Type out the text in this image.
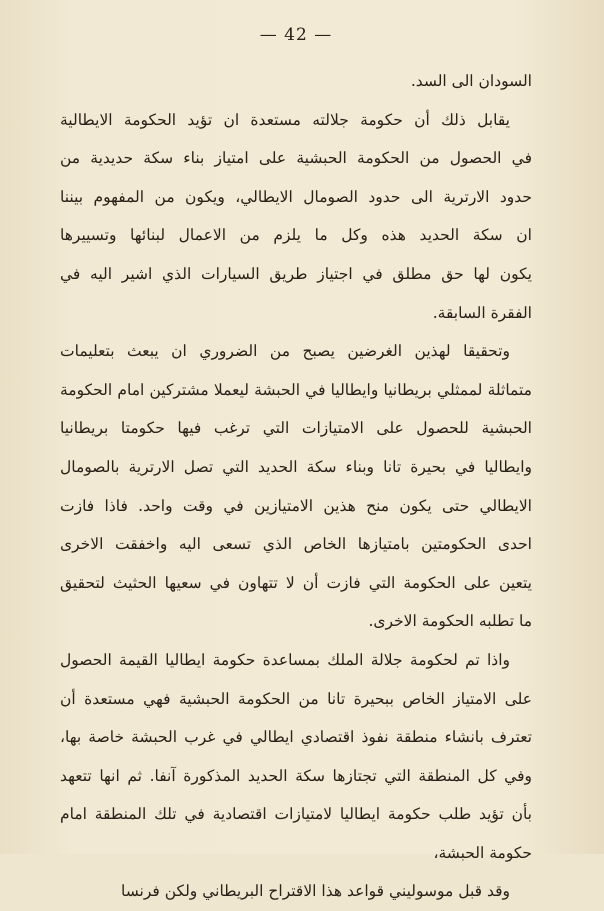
— 42 —
السودان الى السد.
يقابل ذلك أن حكومة جلالته مستعدة ان تؤيد الحكومة الايطالية
في الحصول من الحكومة الحبشية على امتياز بناء سكة حديدية من
حدود الارترية الى حدود الصومال الايطالي، ويكون من المفهوم بيننا
ان سكة الحديد هذه وكل ما يلزم من الاعمال لبنائها وتسييرها
يكون لها حق مطلق في اجتياز طريق السيارات الذي اشير اليه في
الفقرة السابقة.
وتحقيقا لهذين الغرضين يصبح من الضروري ان يبعث بتعليمات
متماثلة لممثلي بريطانيا وايطاليا في الحبشة ليعملا مشتركين امام الحكومة
الحبشية للحصول على الامتيازات التي ترغب فيها حكومتا بريطانيا
وايطاليا في بحيرة تانا وبناء سكة الحديد التي تصل الارترية بالصومال
الايطالي حتى يكون منح هذين الامتيازين في وقت واحد. فاذا فازت
احدى الحكومتين بامتيازها الخاص الذي تسعى اليه واخفقت الاخرى
يتعين على الحكومة التي فازت أن لا تتهاون في سعيها الحثيث لتحقيق
ما تطلبه الحكومة الاخرى.
واذا تم لحكومة جلالة الملك بمساعدة حكومة ايطاليا القيمة الحصول
على الامتياز الخاص ببحيرة تانا من الحكومة الحبشية فهي مستعدة أن
تعترف بانشاء منطقة نفوذ اقتصادي ايطالي في غرب الحبشة خاصة بها،
وفي كل المنطقة التي تجتازها سكة الحديد المذكورة آنفا. ثم انها تتعهد
بأن تؤيد طلب حكومة ايطاليا لامتيازات اقتصادية في تلك المنطقة امام
حكومة الحبشة،
وقد قبل موسوليني قواعد هذا الاقتراح البريطاني ولكن فرنسا
